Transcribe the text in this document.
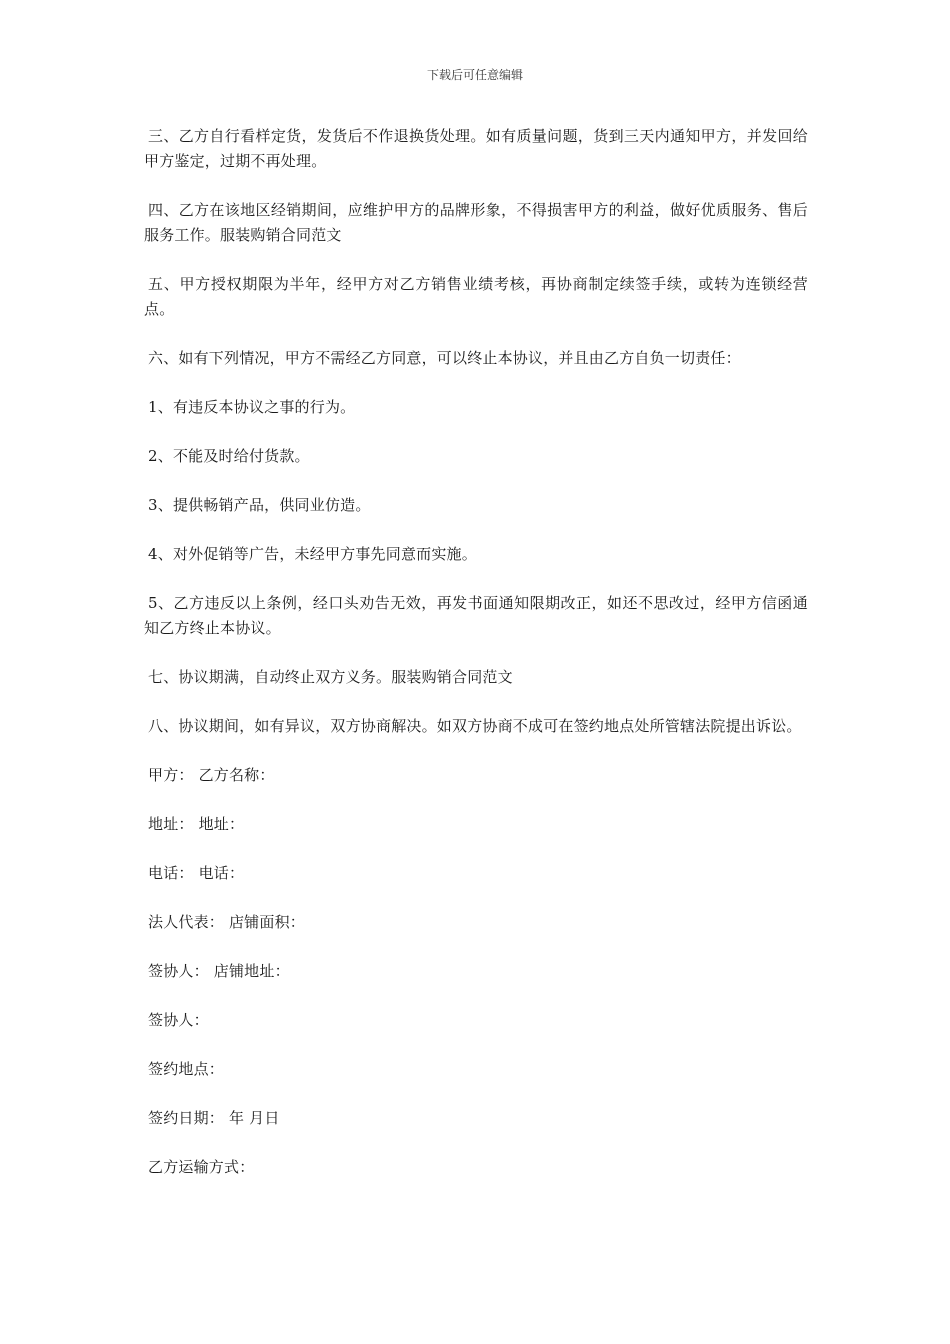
下载后可任意编辑

三、乙方自行看样定货，发货后不作退换货处理。如有质量问题，货到三天内通知甲方，并发回给甲方鉴定，过期不再处理。

四、乙方在该地区经销期间，应维护甲方的品牌形象，不得损害甲方的利益，做好优质服务、售后服务工作。服装购销合同范文

五、甲方授权期限为半年，经甲方对乙方销售业绩考核，再协商制定续签手续，或转为连锁经营点。

六、如有下列情况，甲方不需经乙方同意，可以终止本协议，并且由乙方自负一切责任：

1、有违反本协议之事的行为。

2、不能及时给付货款。

3、提供畅销产品，供同业仿造。

4、对外促销等广告，未经甲方事先同意而实施。

5、乙方违反以上条例，经口头劝告无效，再发书面通知限期改正，如还不思改过，经甲方信函通知乙方终止本协议。

七、协议期满，自动终止双方义务。服装购销合同范文

八、协议期间，如有异议，双方协商解决。如双方协商不成可在签约地点处所管辖法院提出诉讼。

甲方： 乙方名称：

地址： 地址：

电话： 电话：

法人代表： 店铺面积：

签协人： 店铺地址：

签协人：

签约地点：

签约日期： 年 月日

乙方运输方式：
